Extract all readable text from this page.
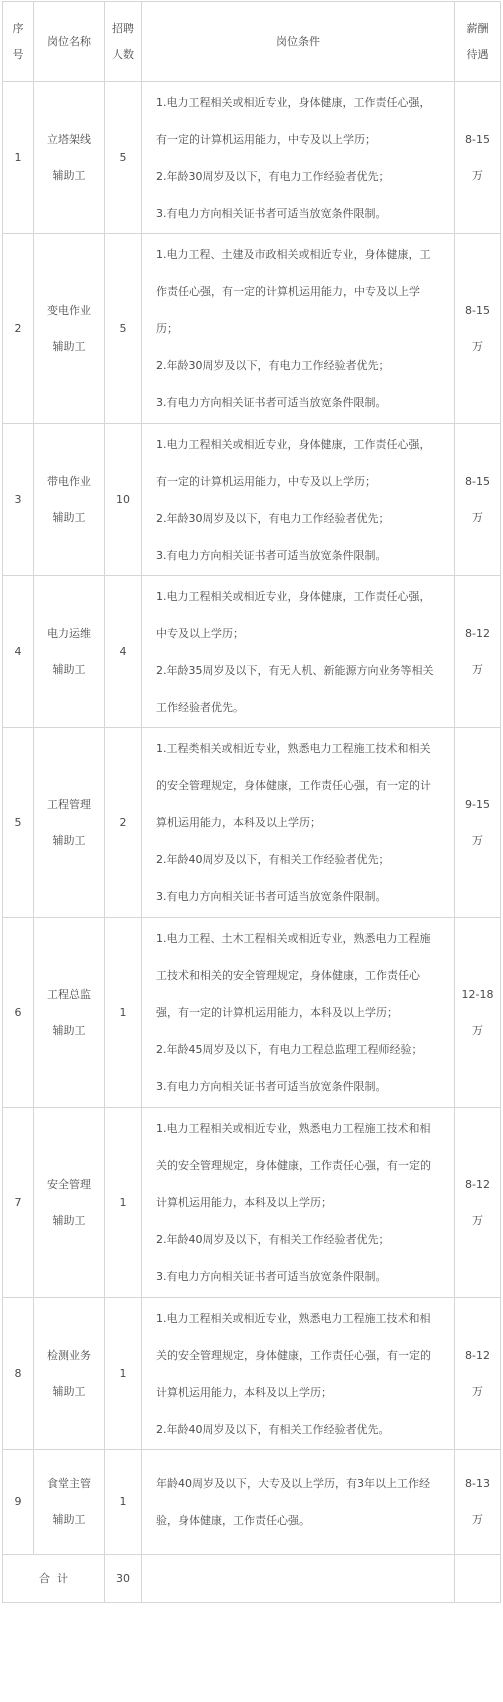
序
号	岗位名称	招聘
人数	岗位条件	薪酬
待遇

1	立塔架线
辅助工	5	1.电力工程相关或相近专业，身体健康，工作责任心强，
有一定的计算机运用能力，中专及以上学历；
2.年龄30周岁及以下，有电力工作经验者优先；
3.有电力方向相关证书者可适当放宽条件限制。	8-15
万

2	变电作业
辅助工	5	1.电力工程、土建及市政相关或相近专业，身体健康，工
作责任心强，有一定的计算机运用能力，中专及以上学
历；
2.年龄30周岁及以下，有电力工作经验者优先；
3.有电力方向相关证书者可适当放宽条件限制。	8-15
万

3	带电作业
辅助工	10	1.电力工程相关或相近专业，身体健康，工作责任心强，
有一定的计算机运用能力，中专及以上学历；
2.年龄30周岁及以下，有电力工作经验者优先；
3.有电力方向相关证书者可适当放宽条件限制。	8-15
万

4	电力运维
辅助工	4	1.电力工程相关或相近专业，身体健康，工作责任心强，
中专及以上学历；
2.年龄35周岁及以下，有无人机、新能源方向业务等相关
工作经验者优先。	8-12
万

5	工程管理
辅助工	2	1.工程类相关或相近专业，熟悉电力工程施工技术和相关
的安全管理规定，身体健康，工作责任心强，有一定的计
算机运用能力，本科及以上学历；
2.年龄40周岁及以下，有相关工作经验者优先；
3.有电力方向相关证书者可适当放宽条件限制。	9-15
万

6	工程总监
辅助工	1	1.电力工程、土木工程相关或相近专业，熟悉电力工程施
工技术和相关的安全管理规定，身体健康，工作责任心
强，有一定的计算机运用能力，本科及以上学历；
2.年龄45周岁及以下，有电力工程总监理工程师经验；
3.有电力方向相关证书者可适当放宽条件限制。	12-18
万

7	安全管理
辅助工	1	1.电力工程相关或相近专业，熟悉电力工程施工技术和相
关的安全管理规定，身体健康，工作责任心强，有一定的
计算机运用能力，本科及以上学历；
2.年龄40周岁及以下，有相关工作经验者优先；
3.有电力方向相关证书者可适当放宽条件限制。	8-12
万

8	检测业务
辅助工	1	1.电力工程相关或相近专业，熟悉电力工程施工技术和相
关的安全管理规定，身体健康，工作责任心强，有一定的
计算机运用能力，本科及以上学历；
2.年龄40周岁及以下，有相关工作经验者优先。	8-12
万

9	食堂主管
辅助工	1	年龄40周岁及以下，大专及以上学历，有3年以上工作经
验，身体健康，工作责任心强。	8-13
万

合  计		30		
